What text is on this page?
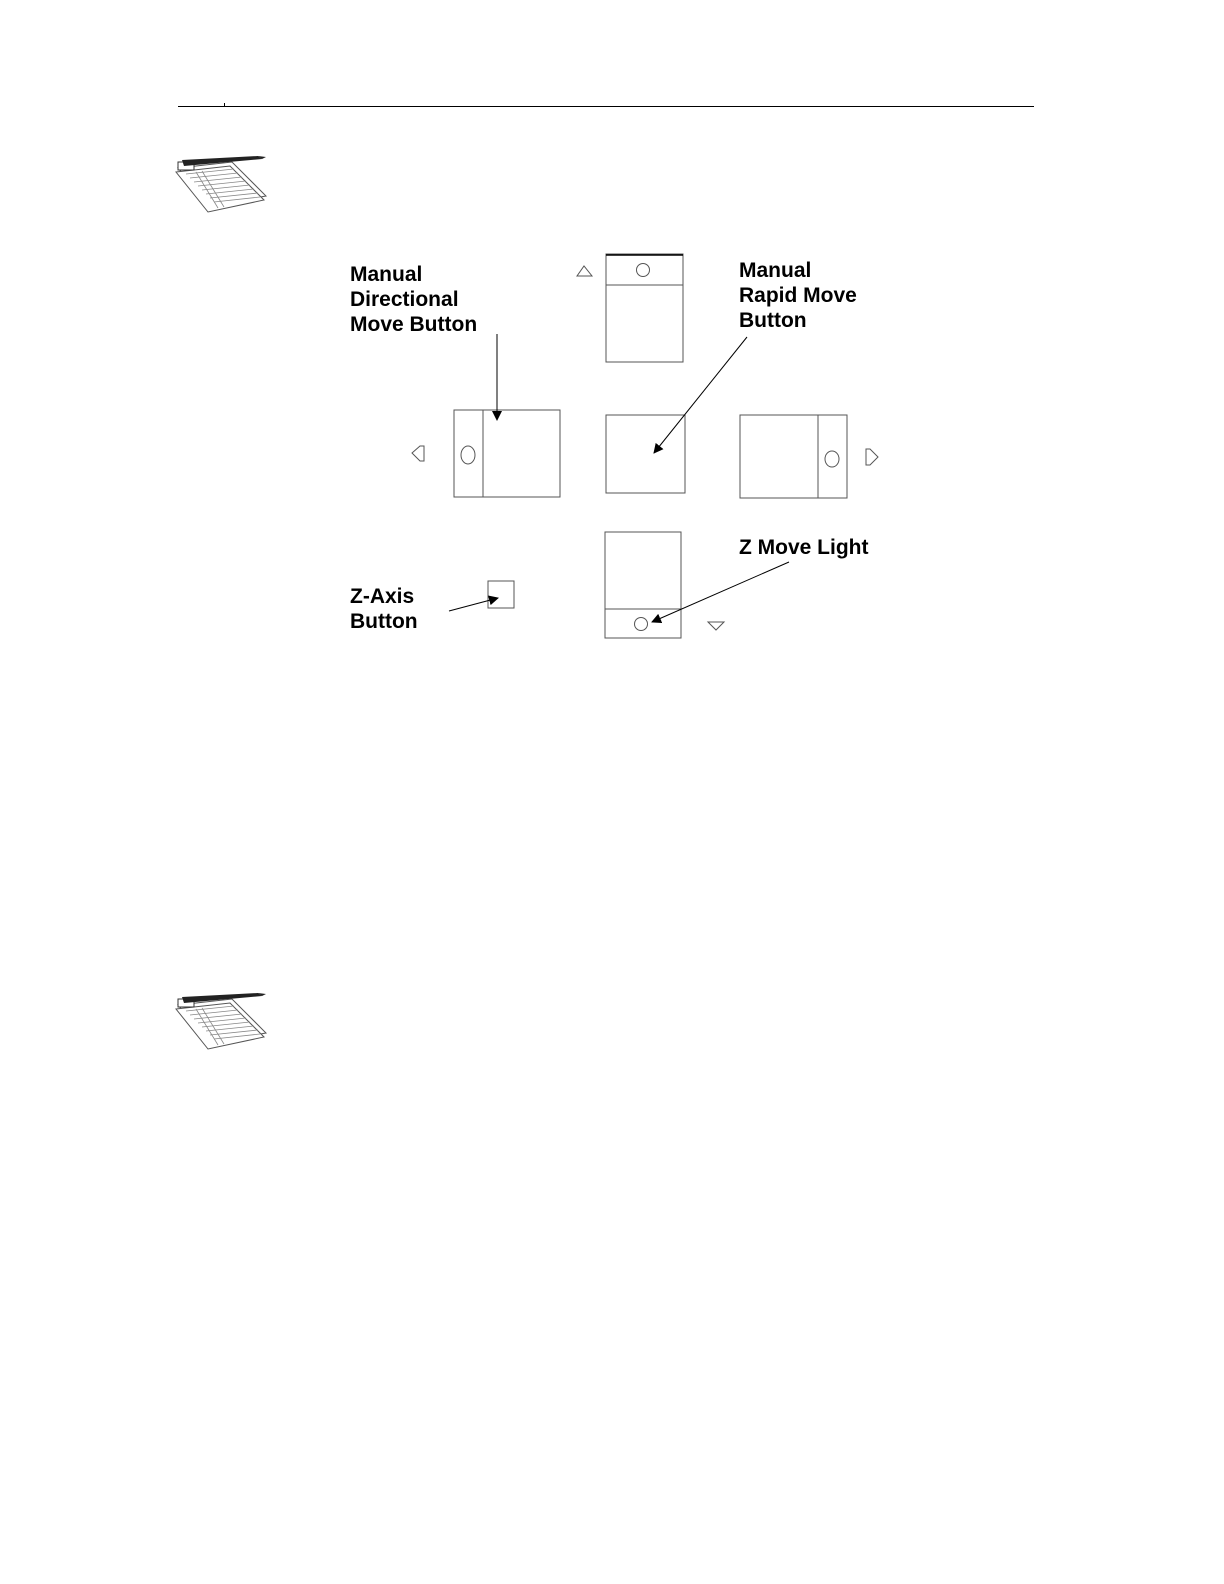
Manual
Directional
Move Button
Manual
Rapid Move
Button
Z Move Light
Z-Axis
Button
